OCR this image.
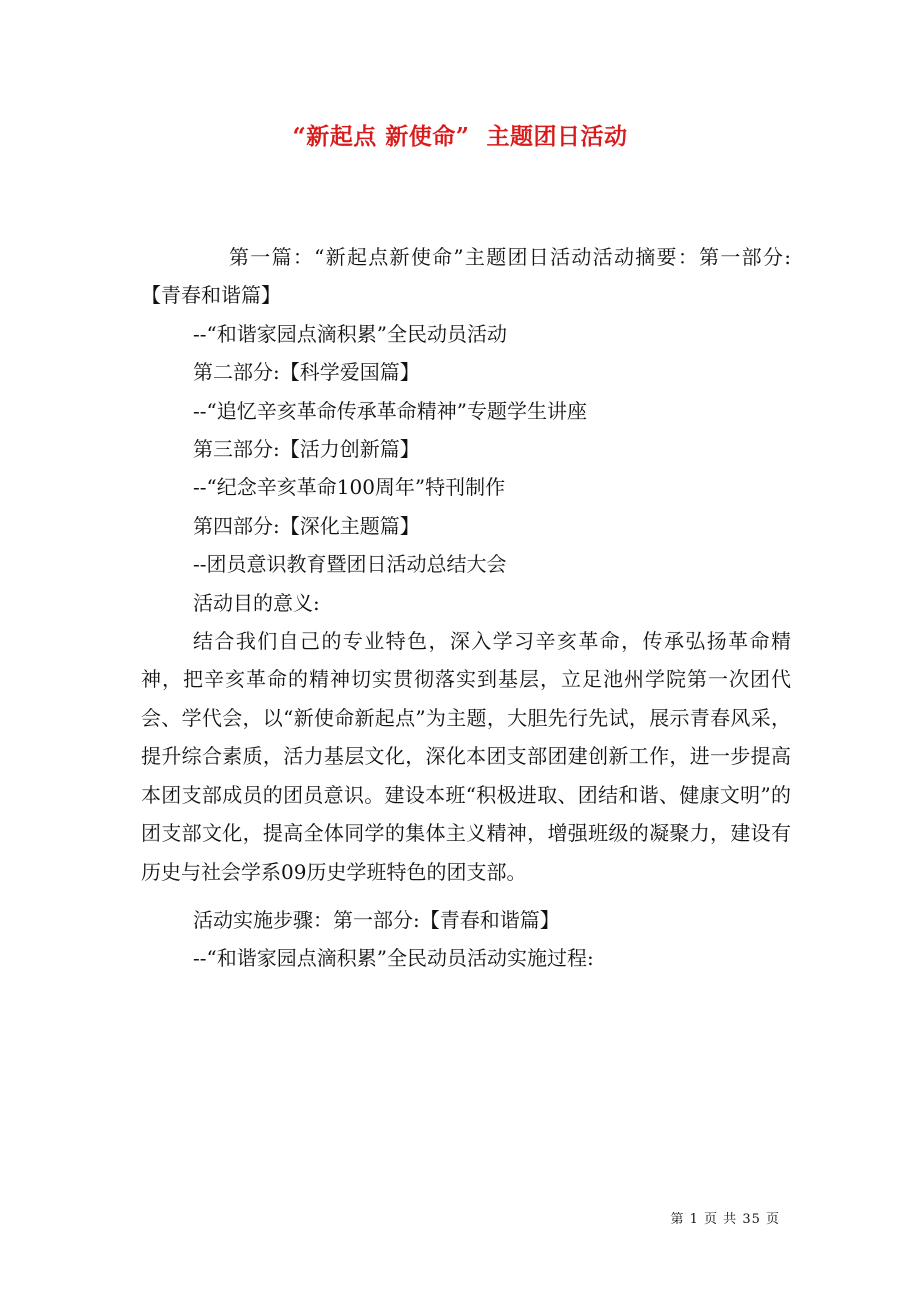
“新起点 新使命”  主题团日活动

第一篇：“新起点新使命”主题团日活动活动摘要：第一部分:【青春和谐篇】

--“和谐家园点滴积累”全民动员活动

第二部分:【科学爱国篇】

--“追忆辛亥革命传承革命精神”专题学生讲座

第三部分:【活力创新篇】

--“纪念辛亥革命100周年”特刊制作

第四部分:【深化主题篇】

--团员意识教育暨团日活动总结大会

活动目的意义:

结合我们自己的专业特色，深入学习辛亥革命，传承弘扬革命精神，把辛亥革命的精神切实贯彻落实到基层，立足池州学院第一次团代会、学代会，以“新使命新起点”为主题，大胆先行先试，展示青春风采，提升综合素质，活力基层文化，深化本团支部团建创新工作，进一步提高本团支部成员的团员意识。建设本班“积极进取、团结和谐、健康文明”的团支部文化，提高全体同学的集体主义精神，增强班级的凝聚力，建设有历史与社会学系09历史学班特色的团支部。

活动实施步骤：第一部分:【青春和谐篇】

--“和谐家园点滴积累”全民动员活动实施过程:

第 1 页 共 35 页
